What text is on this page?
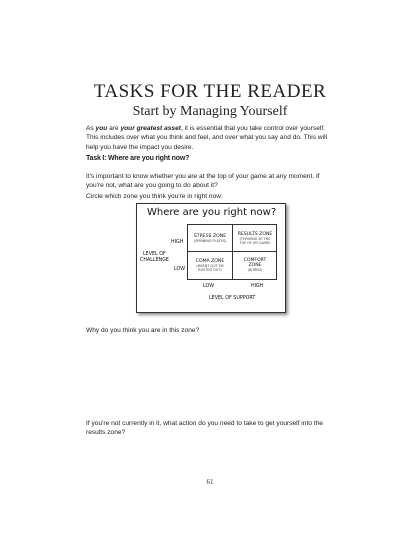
TASKS FOR THE READER
Start by Managing Yourself
As you are your greatest asset, it is essential that you take control over yourself. This includes over what you think and feel, and over what you say and do. This will help you have the impact you desire.
Task I: Where are you right now?
It's important to know whether you are at the top of your game at any moment. If you're not, what are you going to do about it?
Circle which zone you think you're in right now:
Where are you right now?
HIGH
LEVEL OF
CHALLENGE
LOW
STRESS ZONE
(SPINNING PLATES)
RESULTS ZONE
(THRIVING AT THE
TOP OF MY GAME)
COMA ZONE
(BURNT OUT OR
RUSTED OUT)
COMFORT
ZONE
(BORED)
LOW	HIGH
LEVEL OF SUPPORT
Why do you think you are in this zone?
If you're not currently in it, what action do you need to take to get yourself into the results zone?
61
